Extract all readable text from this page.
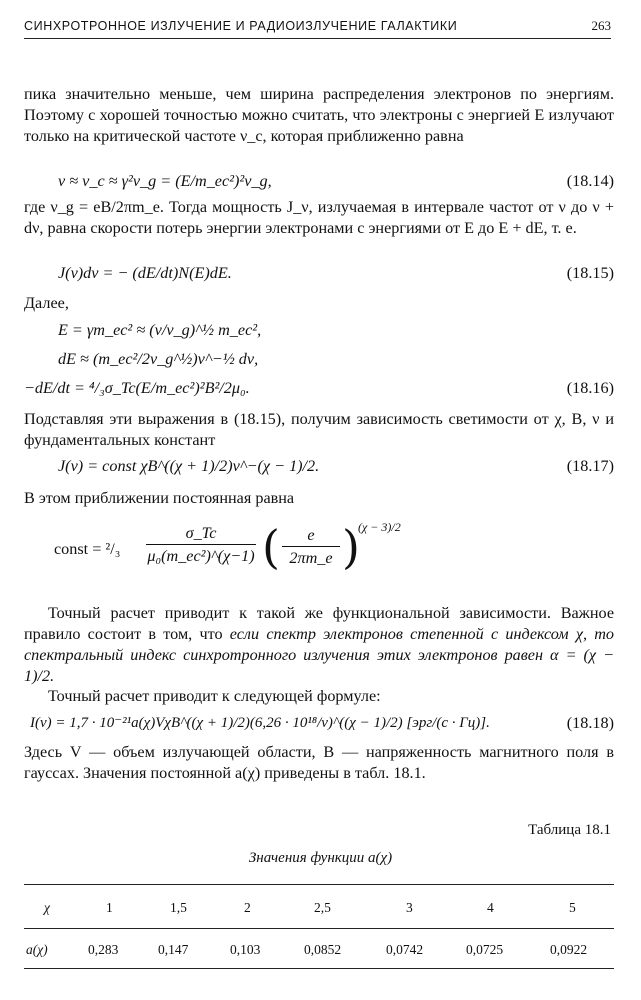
СИНХРОТРОННОЕ ИЗЛУЧЕНИЕ И РАДИОИЗЛУЧЕНИЕ ГАЛАКТИКИ	263

пика значительно меньше, чем ширина распределения электронов по энергиям. Поэтому с хорошей точностью можно считать, что электроны с энергией E излучают только на критической частоте ν_c, которая приближенно равна

ν ≈ ν_c ≈ γ²ν_g = (E/m_ec²)²ν_g,	(18.14)

где ν_g = eB/2πm_e. Тогда мощность J_ν, излучаемая в интервале частот от ν до ν + dν, равна скорости потерь энергии электронами с энергиями от E до E + dE, т. е.

J(ν)dν = − (dE/dt)N(E)dE.	(18.15)

Далее,

E = γm_ec² ≈ (ν/ν_g)^½ m_ec²,
dE ≈ (m_ec²/2ν_g^½)ν^−½ dν,
−dE/dt = ⁴/₃σ_Tc(E/m_ec²)²B²/2μ₀.	(18.16)

Подставляя эти выражения в (18.15), получим зависимость светимости от χ, B, ν и фундаментальных констант

J(ν) = const χB^((χ + 1)/2)ν^−(χ − 1)/2.	(18.17)

В этом приближении постоянная равна

const = $^2/_3 \frac{\sigma\_Tc}{\text{μ₀(m\_ec²)\textasciicircum{}(χ−1)}}$ ( $\frac{e}{2\pi m\_e}$ )
(χ − 3)/2

Точный расчет приводит к такой же функциональной зависимости. Важное правило состоит в том, что если спектр электронов степенной с индексом χ, то спектральный индекс синхротронного излучения этих электронов равен α = (χ − 1)/2.

Точный расчет приводит к следующей формуле:

I(ν) = 1,7 · 10⁻²¹a(χ)VχB^((χ + 1)/2)(6,26 · 10¹⁸/ν)^((χ − 1)/2) [эрг/(с · Гц)].	(18.18)

Здесь V — объем излучающей области, B — напряженность магнитного поля в гауссах. Значения постоянной a(χ) приведены в табл. 18.1.

Таблица 18.1
Значения функции a(χ)
χ	1	1,5	2	2,5	3	4	5
a(χ)	0,283	0,147	0,103	0,0852	0,0742	0,0725	0,0922
